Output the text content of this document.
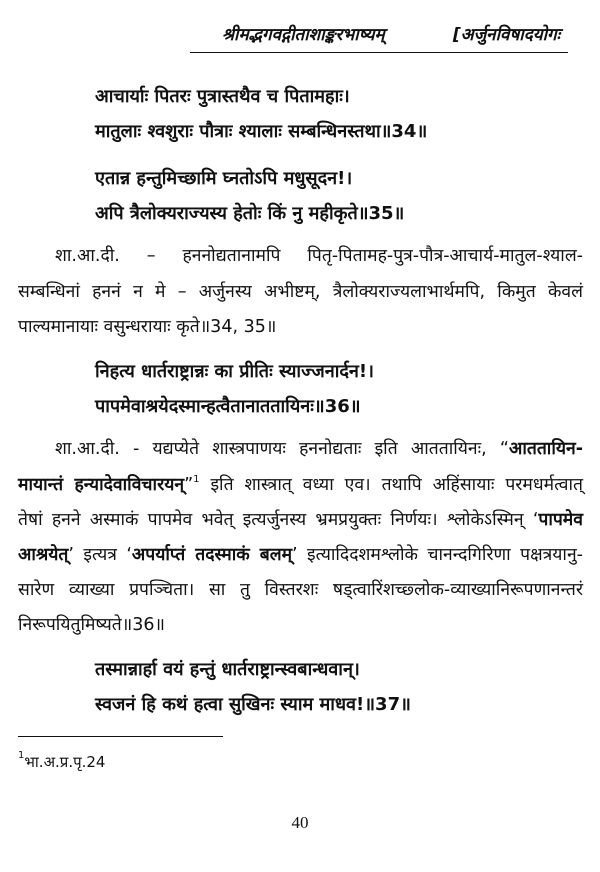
श्रीमद्भगवद्गीताशाङ्करभाष्यम्	[अर्जुनविषादयोगः
आचार्याः पितरः पुत्रास्तथैव च पितामहाः।
मातुलाः श्वशुराः पौत्राः श्यालाः सम्बन्धिनस्तथा॥34॥
एतान्न हन्तुमिच्छामि घ्नतोऽपि मधुसूदन!।
अपि त्रैलोक्यराज्यस्य हेतोः किं नु महीकृते॥35॥
शा.आ.दी. – हननोद्यतानामपि पितृ-पितामह-पुत्र-पौत्र-आचार्य-मातुल-श्याल-
सम्बन्धिनां हननं न मे – अर्जुनस्य अभीष्टम्, त्रैलोक्यराज्यलाभार्थमपि, किमुत केवलं
पाल्यमानायाः वसुन्धरायाः कृते॥34, 35॥
निहत्य धार्तराष्ट्रान्नः का प्रीतिः स्याज्जनार्दन!।
पापमेवाश्रयेदस्मान्हत्वैतानाततायिनः॥36॥
शा.आ.दी. - यद्यप्येते शास्त्रपाणयः हननोद्यताः इति आततायिनः, “आततायिन-
मायान्तं हन्यादेवाविचारयन्”$^1$ इति शास्त्रात् वध्या एव। तथापि अहिंसायाः परमधर्मत्वात्
तेषां हनने अस्माकं पापमेव भवेत् इत्यर्जुनस्य भ्रमप्रयुक्तः निर्णयः। श्लोकेऽस्मिन् ‘पापमेव
आश्रयेत्’ इत्यत्र ‘अपर्याप्तं तदस्माकं बलम्’ इत्यादिदशमश्लोके चानन्दगिरिणा पक्षत्रयानु-
सारेण व्याख्या प्रपञ्चिता। सा तु विस्तरशः षड्त्वारिंशच्छ्लोक-व्याख्यानिरूपणानन्तरं
निरूपयितुमिष्यते॥36॥
तस्मान्नार्हा वयं हन्तुं धार्तराष्ट्रान्स्वबान्धवान्।
स्वजनं हि कथं हत्वा सुखिनः स्याम माधव!॥37॥
$^1$भा.अ.प्र.पृ.24
40
